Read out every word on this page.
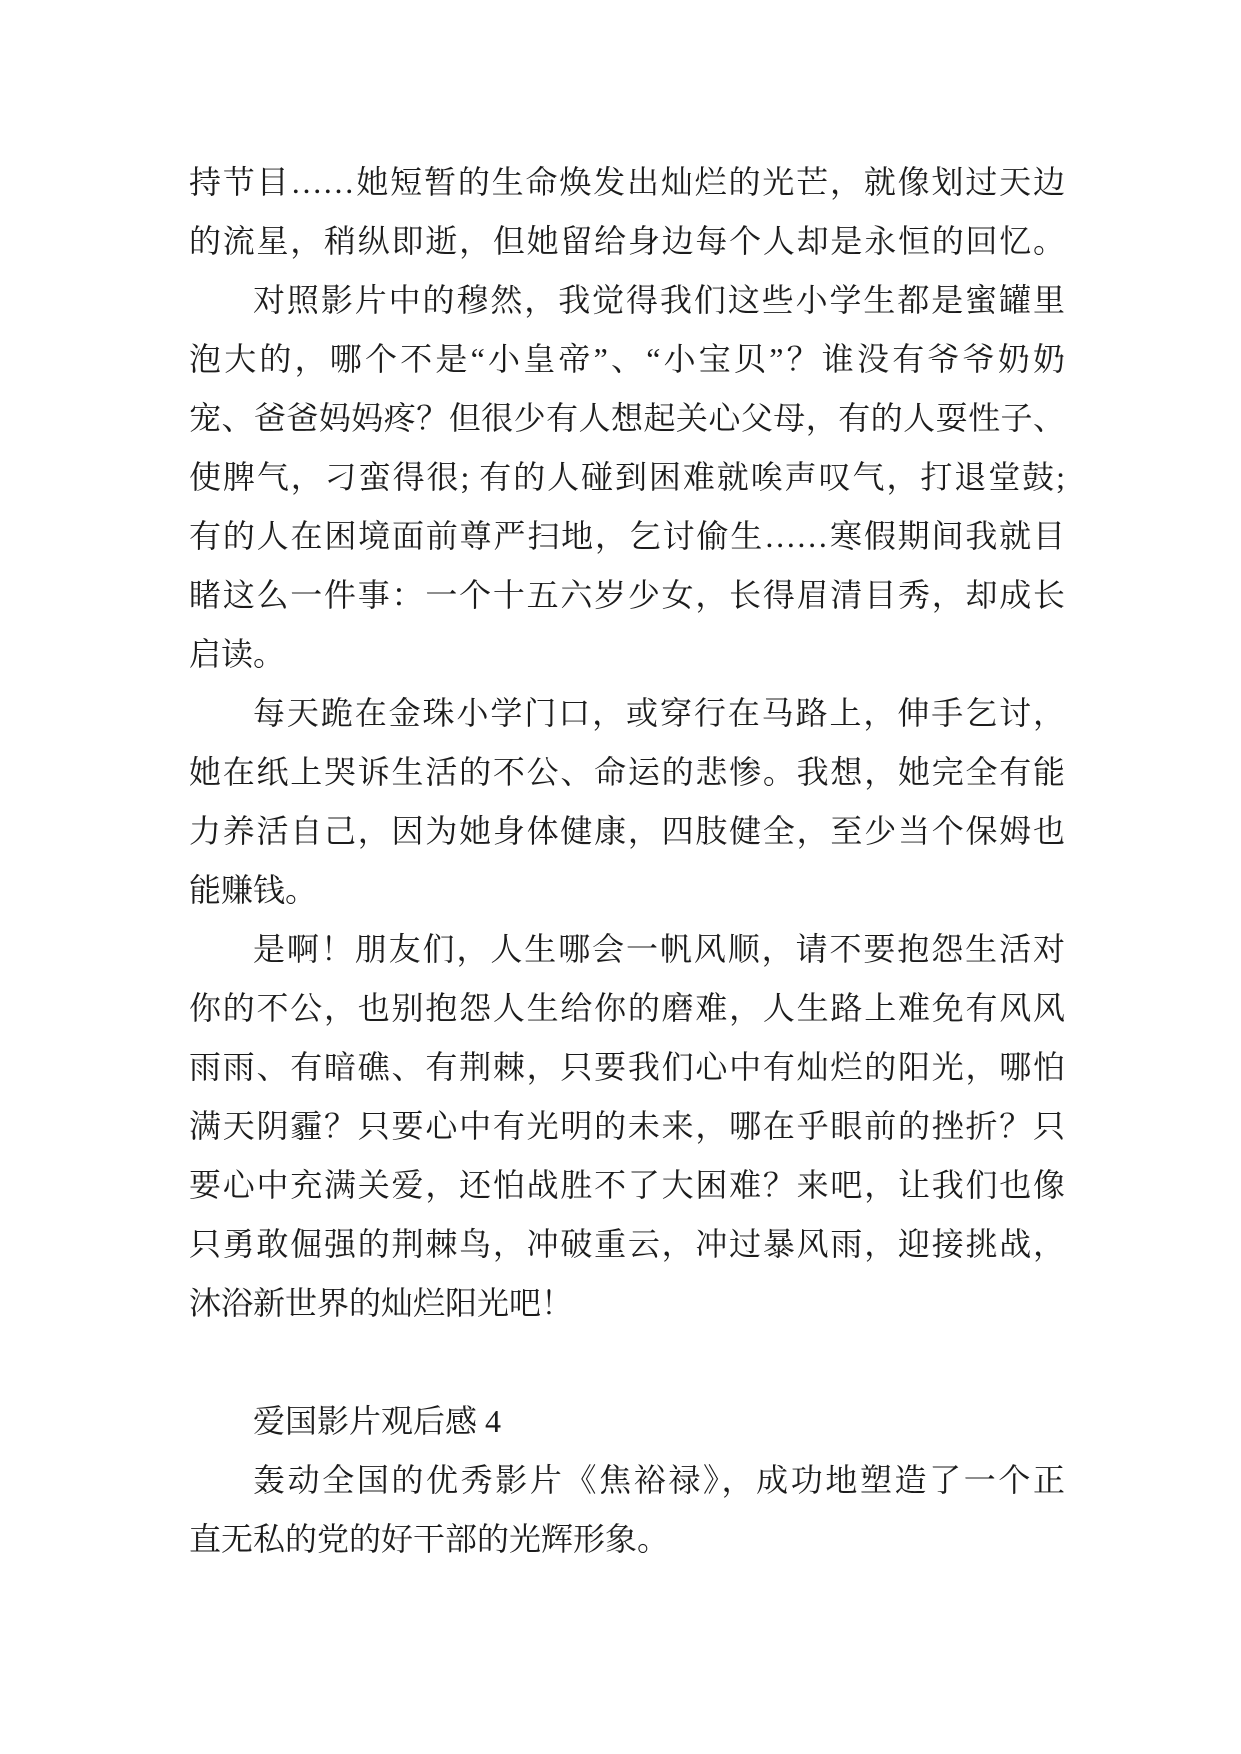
持节目……她短暂的生命焕发出灿烂的光芒，就像划过天边
的流星，稍纵即逝，但她留给身边每个人却是永恒的回忆。
对照影片中的穆然，我觉得我们这些小学生都是蜜罐里
泡大的，哪个不是“小皇帝”、“小宝贝”？谁没有爷爷奶奶
宠、爸爸妈妈疼？但很少有人想起关心父母，有的人耍性子、
使脾气，刁蛮得很; 有的人碰到困难就唉声叹气，打退堂鼓;
有的人在困境面前尊严扫地，乞讨偷生……寒假期间我就目
睹这么一件事：一个十五六岁少女，长得眉清目秀，却成长
启读。
每天跪在金珠小学门口，或穿行在马路上，伸手乞讨，
她在纸上哭诉生活的不公、命运的悲惨。我想，她完全有能
力养活自己，因为她身体健康，四肢健全，至少当个保姆也
能赚钱。
是啊！朋友们，人生哪会一帆风顺，请不要抱怨生活对
你的不公，也别抱怨人生给你的磨难，人生路上难免有风风
雨雨、有暗礁、有荆棘，只要我们心中有灿烂的阳光，哪怕
满天阴霾？只要心中有光明的未来，哪在乎眼前的挫折？只
要心中充满关爱，还怕战胜不了大困难？来吧，让我们也像
只勇敢倔强的荆棘鸟，冲破重云，冲过暴风雨，迎接挑战，
沐浴新世界的灿烂阳光吧！

爱国影片观后感 4
轰动全国的优秀影片《焦裕禄》，成功地塑造了一个正
直无私的党的好干部的光辉形象。
